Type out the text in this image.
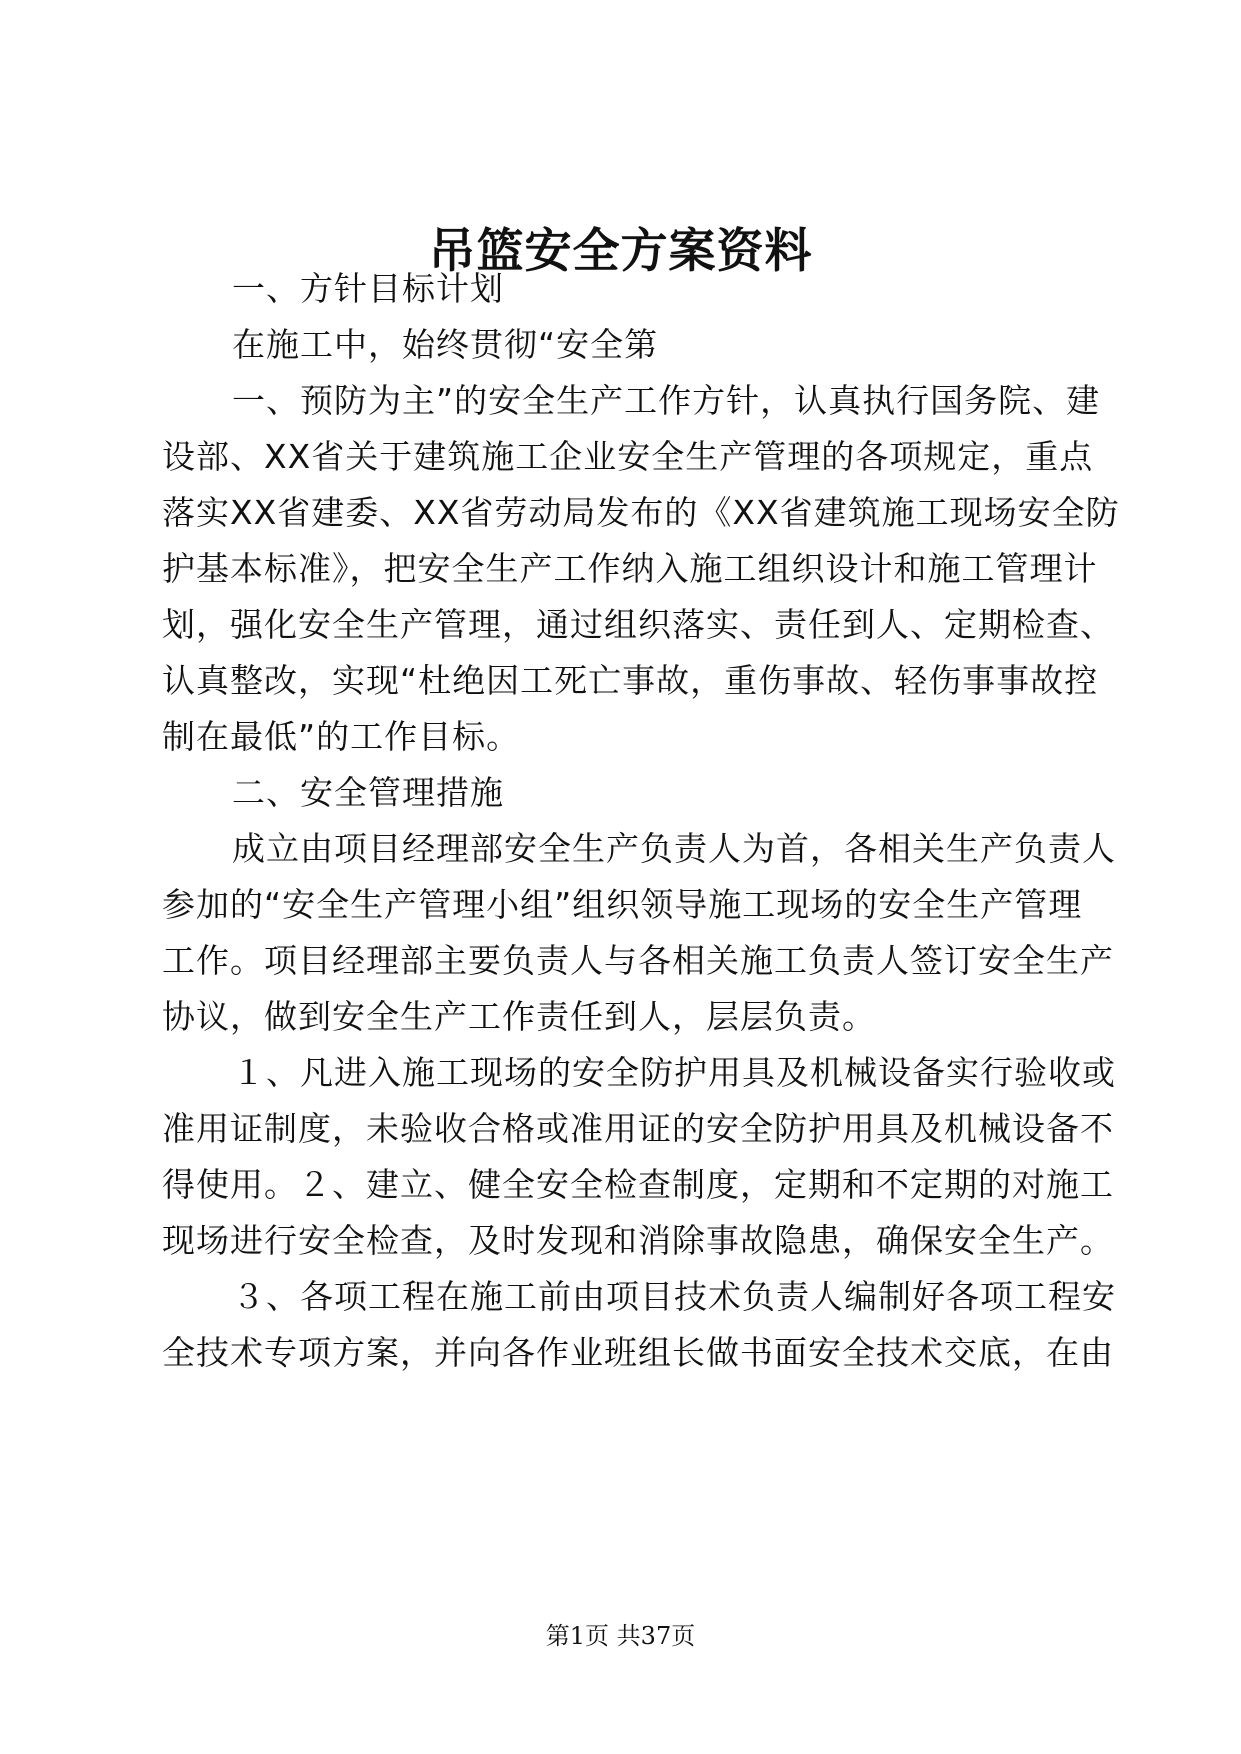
吊篮安全方案资料
一、方针目标计划
在施工中，始终贯彻“安全第
一、预防为主”的安全生产工作方针，认真执行国务院、建
设部、XX省关于建筑施工企业安全生产管理的各项规定，重点
落实XX省建委、XX省劳动局发布的《XX省建筑施工现场安全防
护基本标准》，把安全生产工作纳入施工组织设计和施工管理计
划，强化安全生产管理，通过组织落实、责任到人、定期检查、
认真整改，实现“杜绝因工死亡事故，重伤事故、轻伤事事故控
制在最低”的工作目标。
二、安全管理措施
成立由项目经理部安全生产负责人为首，各相关生产负责人
参加的“安全生产管理小组”组织领导施工现场的安全生产管理
工作。项目经理部主要负责人与各相关施工负责人签订安全生产
协议，做到安全生产工作责任到人，层层负责。
１、凡进入施工现场的安全防护用具及机械设备实行验收或
准用证制度，未验收合格或准用证的安全防护用具及机械设备不
得使用。２、建立、健全安全检查制度，定期和不定期的对施工
现场进行安全检查，及时发现和消除事故隐患，确保安全生产。
３、各项工程在施工前由项目技术负责人编制好各项工程安
全技术专项方案，并向各作业班组长做书面安全技术交底，在由
第1页 共37页
